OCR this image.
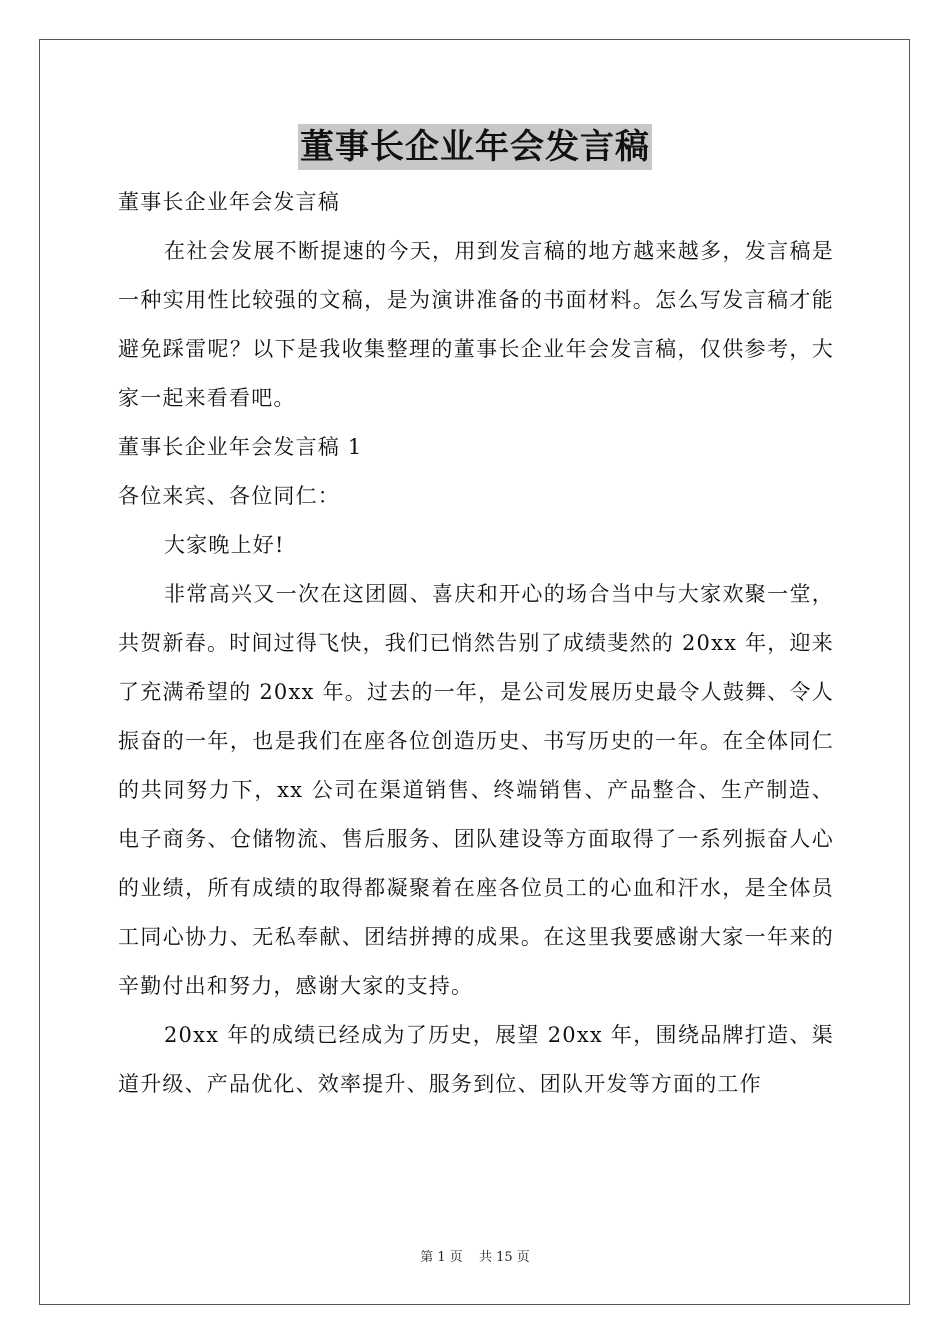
董事长企业年会发言稿

董事长企业年会发言稿

在社会发展不断提速的今天，用到发言稿的地方越来越多，发言稿是一种实用性比较强的文稿，是为演讲准备的书面材料。怎么写发言稿才能避免踩雷呢？以下是我收集整理的董事长企业年会发言稿，仅供参考，大家一起来看看吧。

董事长企业年会发言稿 1

各位来宾、各位同仁：

大家晚上好!

非常高兴又一次在这团圆、喜庆和开心的场合当中与大家欢聚一堂，共贺新春。时间过得飞快，我们已悄然告别了成绩斐然的 20xx 年，迎来了充满希望的 20xx 年。过去的一年，是公司发展历史最令人鼓舞、令人振奋的一年，也是我们在座各位创造历史、书写历史的一年。在全体同仁的共同努力下，xx 公司在渠道销售、终端销售、产品整合、生产制造、电子商务、仓储物流、售后服务、团队建设等方面取得了一系列振奋人心的业绩，所有成绩的取得都凝聚着在座各位员工的心血和汗水，是全体员工同心协力、无私奉献、团结拼搏的成果。在这里我要感谢大家一年来的辛勤付出和努力，感谢大家的支持。

20xx 年的成绩已经成为了历史，展望 20xx 年，围绕品牌打造、渠道升级、产品优化、效率提升、服务到位、团队开发等方面的工作

第 1 页 共 15 页
